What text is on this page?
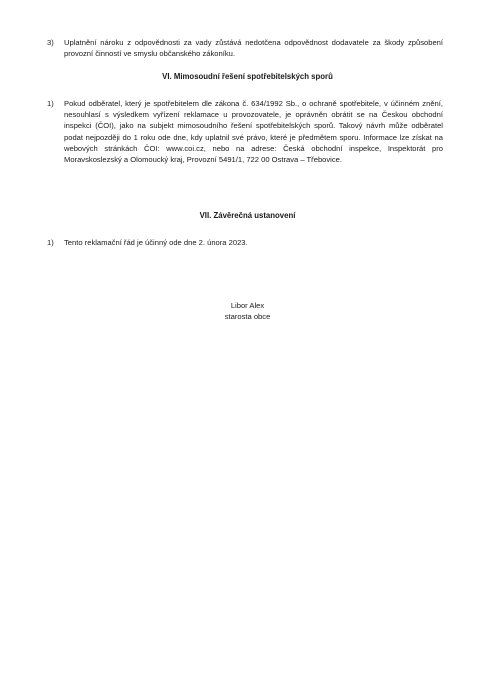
3) Uplatnění nároku z odpovědnosti za vady zůstává nedotčena odpovědnost dodavatele za škody způsobení provozní činností ve smyslu občanského zákoníku.
VI. Mimosoudní řešení spotřebitelských sporů
1) Pokud odběratel, který je spotřebitelem dle zákona č. 634/1992 Sb., o ochraně spotřebitele, v účinném znění, nesouhlasí s výsledkem vyřízení reklamace u provozovatele, je oprávněn obrátit se na Českou obchodní inspekci (ČOI), jako na subjekt mimosoudního řešení spotřebitelských sporů. Takový návrh může odběratel podat nejpozději do 1 roku ode dne, kdy uplatnil své právo, které je předmětem sporu. Informace lze získat na webových stránkách ČOI: www.coi.cz, nebo na adrese: Česká obchodní inspekce, Inspektorát pro Moravskoslezský a Olomoucký kraj, Provozní 5491/1, 722 00 Ostrava – Třebovice.
VII. Závěrečná ustanovení
1) Tento reklamační řád je účinný ode dne 2. února 2023.
Libor Alex
starosta obce
